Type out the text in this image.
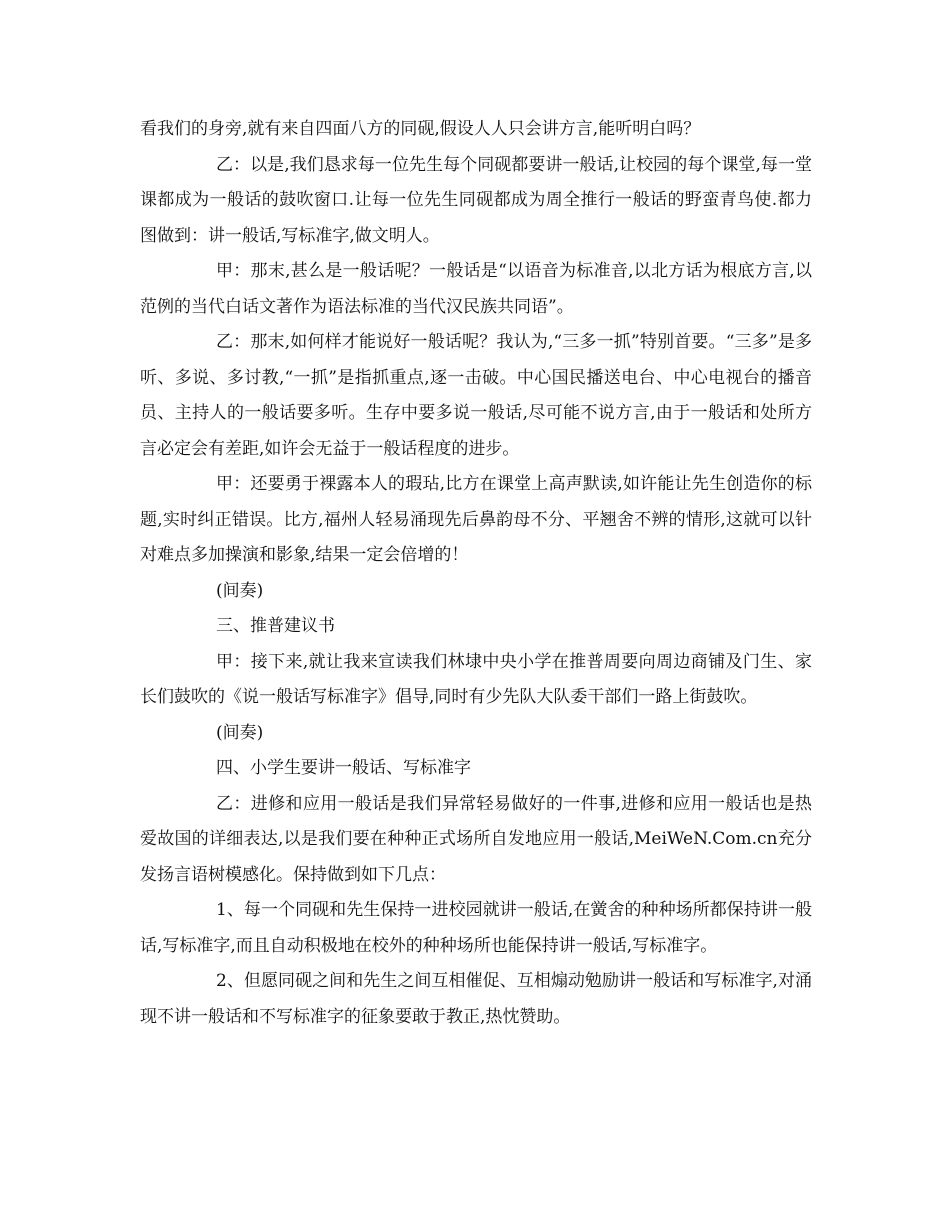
看我们的身旁,就有来自四面八方的同砚,假设人人只会讲方言,能听明白吗？

乙：以是,我们恳求每一位先生每个同砚都要讲一般话,让校园的每个课堂,每一堂课都成为一般话的鼓吹窗口.让每一位先生同砚都成为周全推行一般话的野蛮青鸟使.都力图做到：讲一般话,写标准字,做文明人。

甲：那末,甚么是一般话呢？一般话是“以语音为标准音,以北方话为根底方言,以范例的当代白话文著作为语法标准的当代汉民族共同语”。

乙：那末,如何样才能说好一般话呢？我认为,“三多一抓”特别首要。“三多”是多听、多说、多讨教,“一抓”是指抓重点,逐一击破。中心国民播送电台、中心电视台的播音员、主持人的一般话要多听。生存中要多说一般话,尽可能不说方言,由于一般话和处所方言必定会有差距,如许会无益于一般话程度的进步。

甲：还要勇于裸露本人的瑕玷,比方在课堂上高声默读,如许能让先生创造你的标题,实时纠正错误。比方,福州人轻易涌现先后鼻韵母不分、平翘舍不辨的情形,这就可以针对难点多加操演和影象,结果一定会倍增的！

(间奏)

三、推普建议书

甲：接下来,就让我来宣读我们林埭中央小学在推普周要向周边商铺及门生、家长们鼓吹的《说一般话写标准字》倡导,同时有少先队大队委干部们一路上街鼓吹。

(间奏)

四、小学生要讲一般话、写标准字

乙：进修和应用一般话是我们异常轻易做好的一件事,进修和应用一般话也是热爱故国的详细表达,以是我们要在种种正式场所自发地应用一般话,MeiWeN.Com.cn充分发扬言语树模感化。保持做到如下几点：

1、每一个同砚和先生保持一进校园就讲一般话,在黉舍的种种场所都保持讲一般话,写标准字,而且自动积极地在校外的种种场所也能保持讲一般话,写标准字。

2、但愿同砚之间和先生之间互相催促、互相煽动勉励讲一般话和写标准字,对涌现不讲一般话和不写标准字的征象要敢于教正,热忱赞助。
